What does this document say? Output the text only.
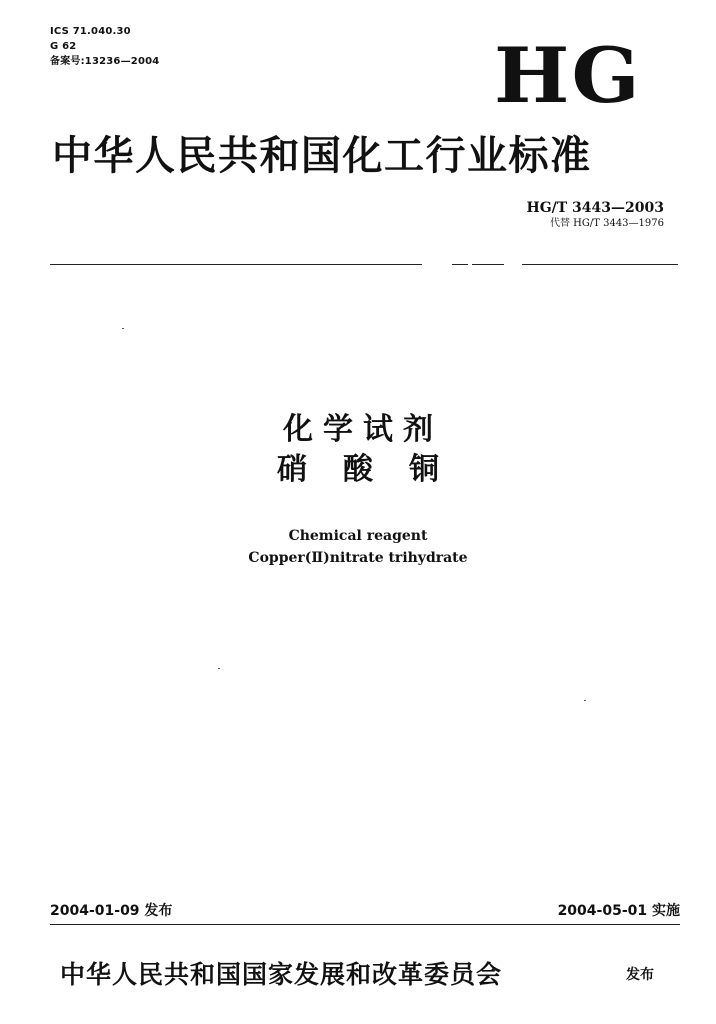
ICS 71.040.30
G 62
备案号:13236—2004	HG
中华人民共和国化工行业标准
HG/T 3443—2003
代替 HG/T 3443—1976
化学试剂
硝酸铜
Chemical reagent
Copper(Ⅱ)nitrate trihydrate
2004-01-09 发布	2004-05-01 实施
中华人民共和国国家发展和改革委员会	发布
